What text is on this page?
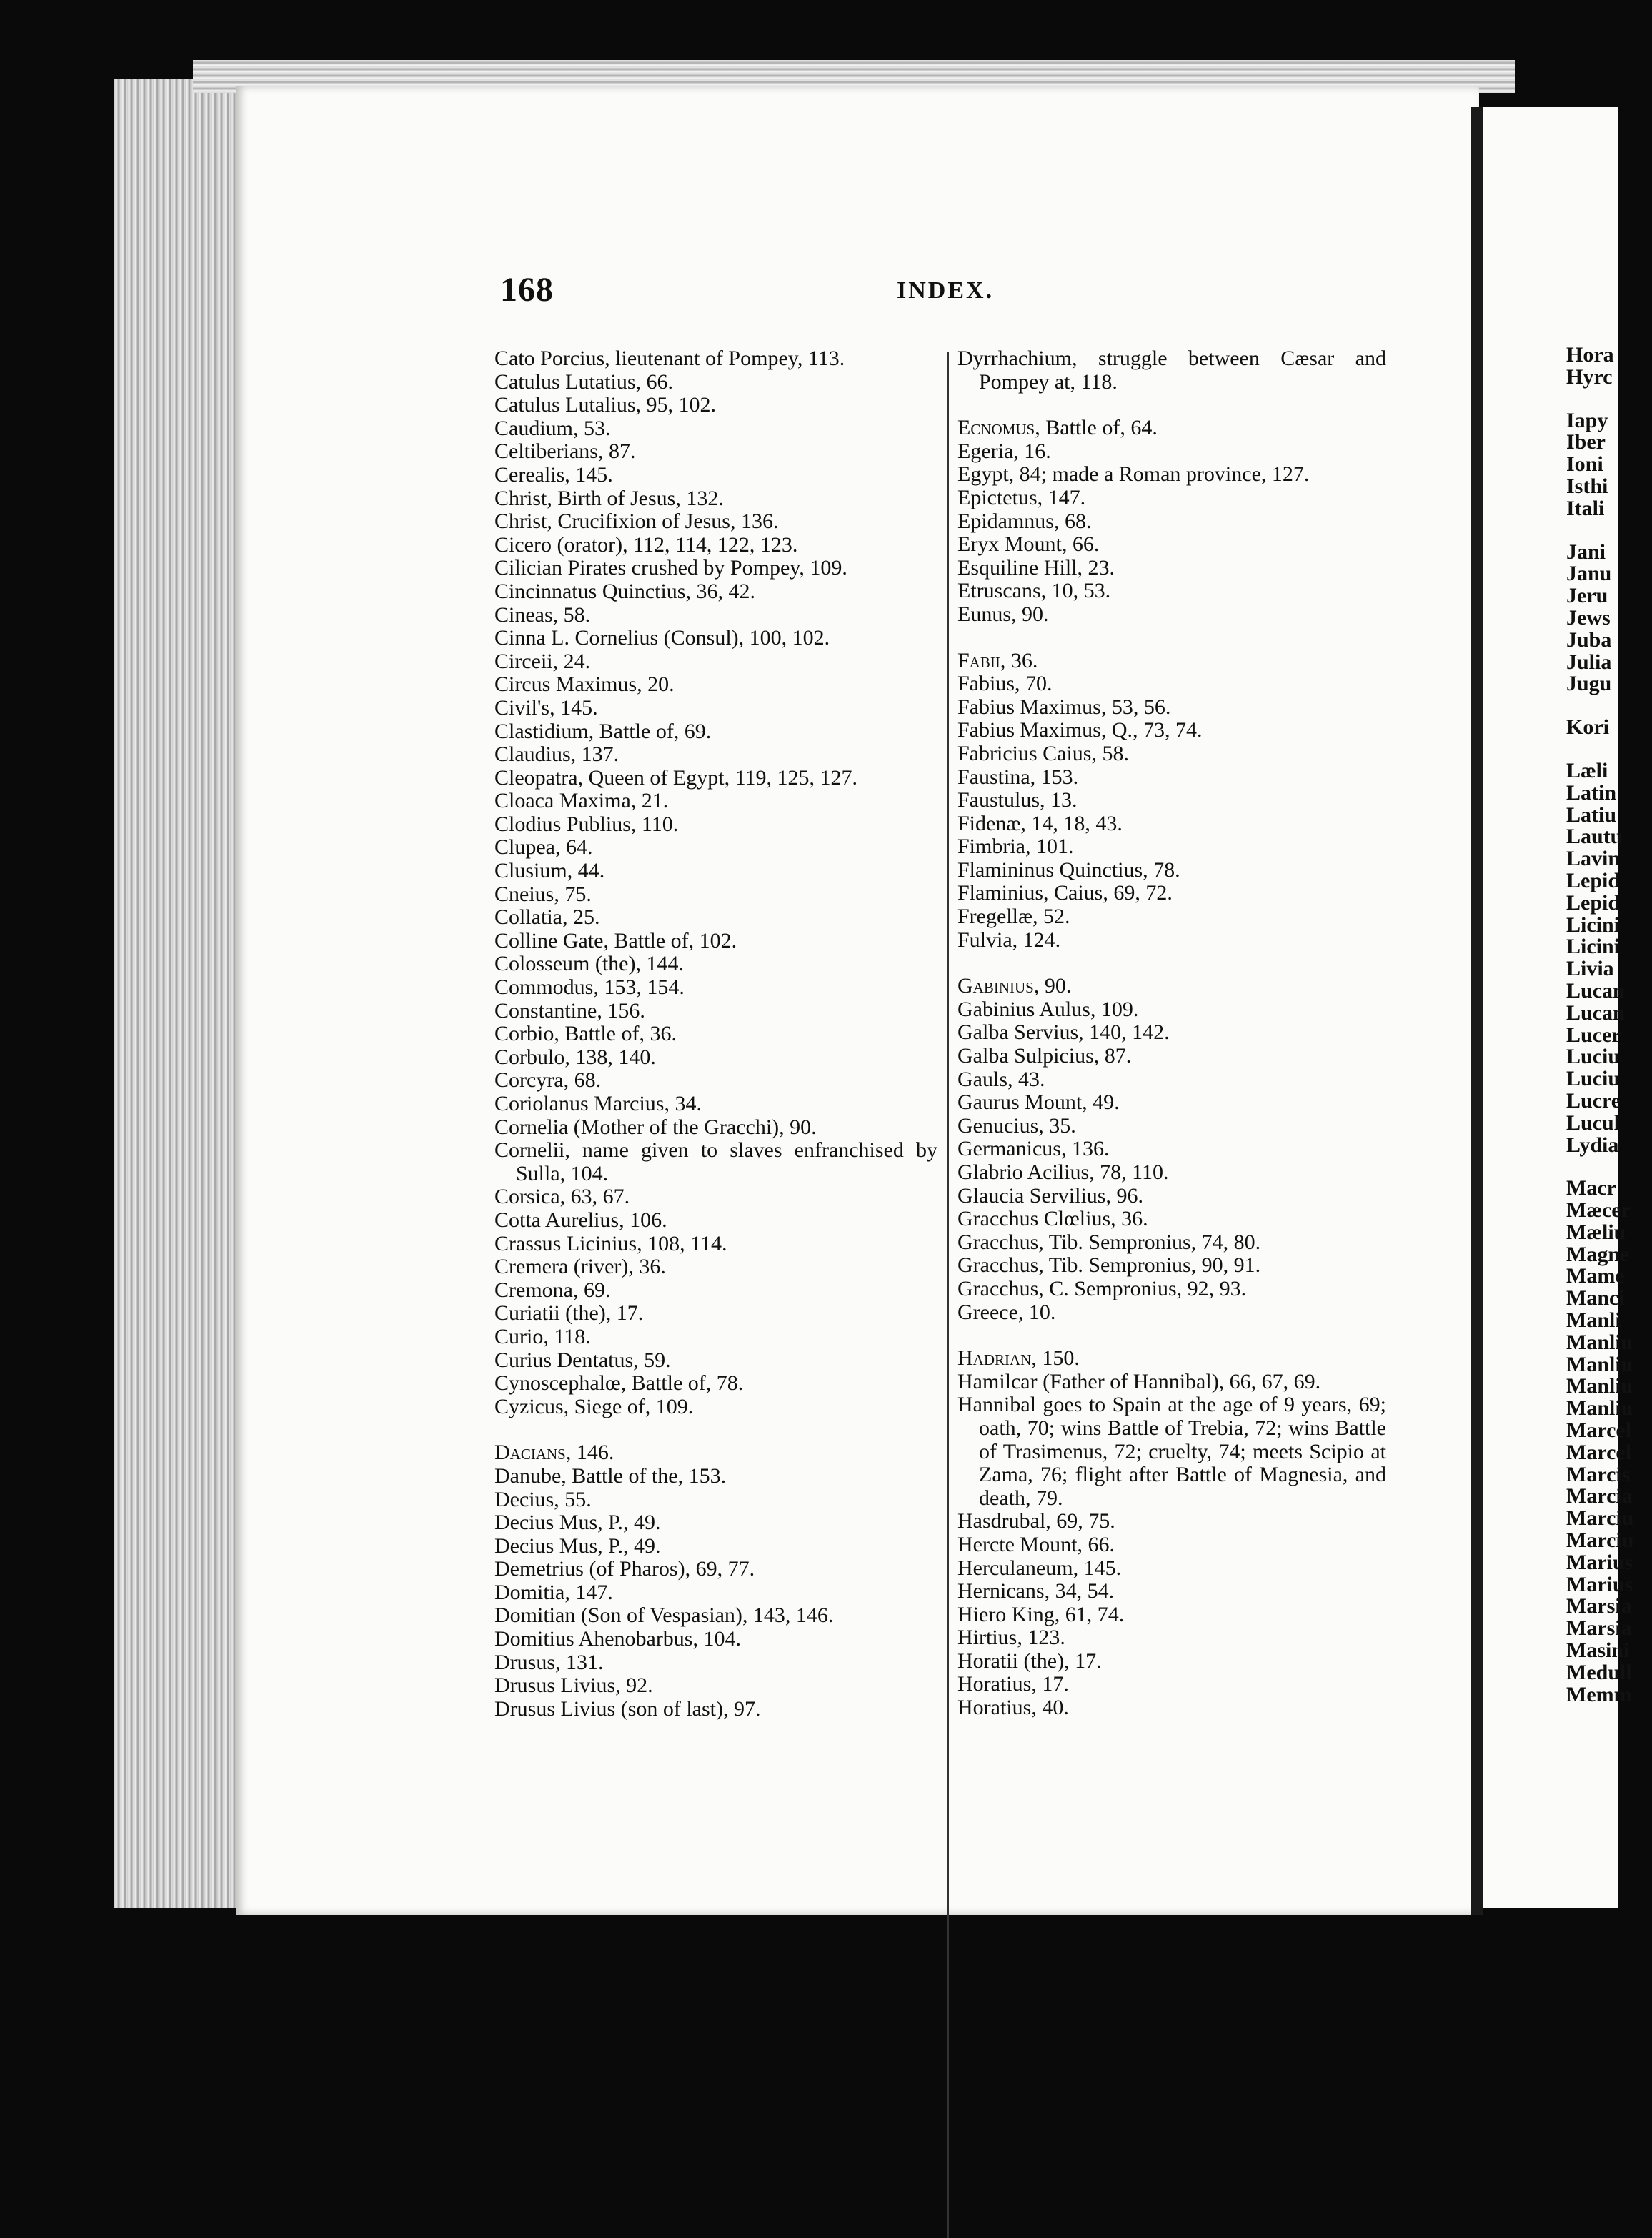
168	INDEX.

Cato Porcius, lieutenant of Pompey, 113.

Catulus Lutatius, 66.

Catulus Lutalius, 95, 102.

Caudium, 53.

Celtiberians, 87.

Cerealis, 145.

Christ, Birth of Jesus, 132.

Christ, Crucifixion of Jesus, 136.

Cicero (orator), 112, 114, 122, 123.

Cilician Pirates crushed by Pompey, 109.

Cincinnatus Quinctius, 36, 42.

Cineas, 58.

Cinna L. Cornelius (Consul), 100, 102.

Circeii, 24.

Circus Maximus, 20.

Civil's, 145.

Clastidium, Battle of, 69.

Claudius, 137.

Cleopatra, Queen of Egypt, 119, 125, 127.

Cloaca Maxima, 21.

Clodius Publius, 110.

Clupea, 64.

Clusium, 44.

Cneius, 75.

Collatia, 25.

Colline Gate, Battle of, 102.

Colosseum (the), 144.

Commodus, 153, 154.

Constantine, 156.

Corbio, Battle of, 36.

Corbulo, 138, 140.

Corcyra, 68.

Coriolanus Marcius, 34.

Cornelia (Mother of the Gracchi), 90.

Cornelii, name given to slaves enfranchised by Sulla, 104.

Corsica, 63, 67.

Cotta Aurelius, 106.

Crassus Licinius, 108, 114.

Cremera (river), 36.

Cremona, 69.

Curiatii (the), 17.

Curio, 118.

Curius Dentatus, 59.

Cynoscephalœ, Battle of, 78.

Cyzicus, Siege of, 109.

Dacians, 146.

Danube, Battle of the, 153.

Decius, 55.

Decius Mus, P., 49.

Decius Mus, P., 49.

Demetrius (of Pharos), 69, 77.

Domitia, 147.

Domitian (Son of Vespasian), 143, 146.

Domitius Ahenobarbus, 104.

Drusus, 131.

Drusus Livius, 92.

Drusus Livius (son of last), 97.

Dyrrhachium, struggle between Cæsar and Pompey at, 118.

Ecnomus, Battle of, 64.

Egeria, 16.

Egypt, 84; made a Roman province, 127.

Epictetus, 147.

Epidamnus, 68.

Eryx Mount, 66.

Esquiline Hill, 23.

Etruscans, 10, 53.

Eunus, 90.

Fabii, 36.

Fabius, 70.

Fabius Maximus, 53, 56.

Fabius Maximus, Q., 73, 74.

Fabricius Caius, 58.

Faustina, 153.

Faustulus, 13.

Fidenæ, 14, 18, 43.

Fimbria, 101.

Flamininus Quinctius, 78.

Flaminius, Caius, 69, 72.

Fregellæ, 52.

Fulvia, 124.

Gabinius, 90.

Gabinius Aulus, 109.

Galba Servius, 140, 142.

Galba Sulpicius, 87.

Gauls, 43.

Gaurus Mount, 49.

Genucius, 35.

Germanicus, 136.

Glabrio Acilius, 78, 110.

Glaucia Servilius, 96.

Gracchus Clœlius, 36.

Gracchus, Tib. Sempronius, 74, 80.

Gracchus, Tib. Sempronius, 90, 91.

Gracchus, C. Sempronius, 92, 93.

Greece, 10.

Hadrian, 150.

Hamilcar (Father of Hannibal), 66, 67, 69.

Hannibal goes to Spain at the age of 9 years, 69; oath, 70; wins Battle of Trebia, 72; wins Battle of Trasimenus, 72; cruelty, 74; meets Scipio at Zama, 76; flight after Battle of Magnesia, and death, 79.

Hasdrubal, 69, 75.

Hercte Mount, 66.

Herculaneum, 145.

Hernicans, 34, 54.

Hiero King, 61, 74.

Hirtius, 123.

Horatii (the), 17.

Horatius, 17.

Horatius, 40.

Hora
Hyrc
Iapy
Iber
Ioni
Isthi
Itali
Jani
Janu
Jeru
Jews
Juba
Julia
Jugu
Kori
Læli
Latin
Latiu
Lautu
Lavin
Lepid
Lepid
Licini
Licini
Livia
Lucan
Lucan
Lucer
Luciu
Luciu
Lucre
Lucul
Lydia
Macr
Mæcer
Mæliu
Magne
Mame
Manci
Manli
Manliu
Manliu
Manliu
Manliu
Marcel
Marcel
Marcis
Marcia
Marciu
Marciu
Marius
Marius
Marsia
Marsia
Masini
Medull
Memm
